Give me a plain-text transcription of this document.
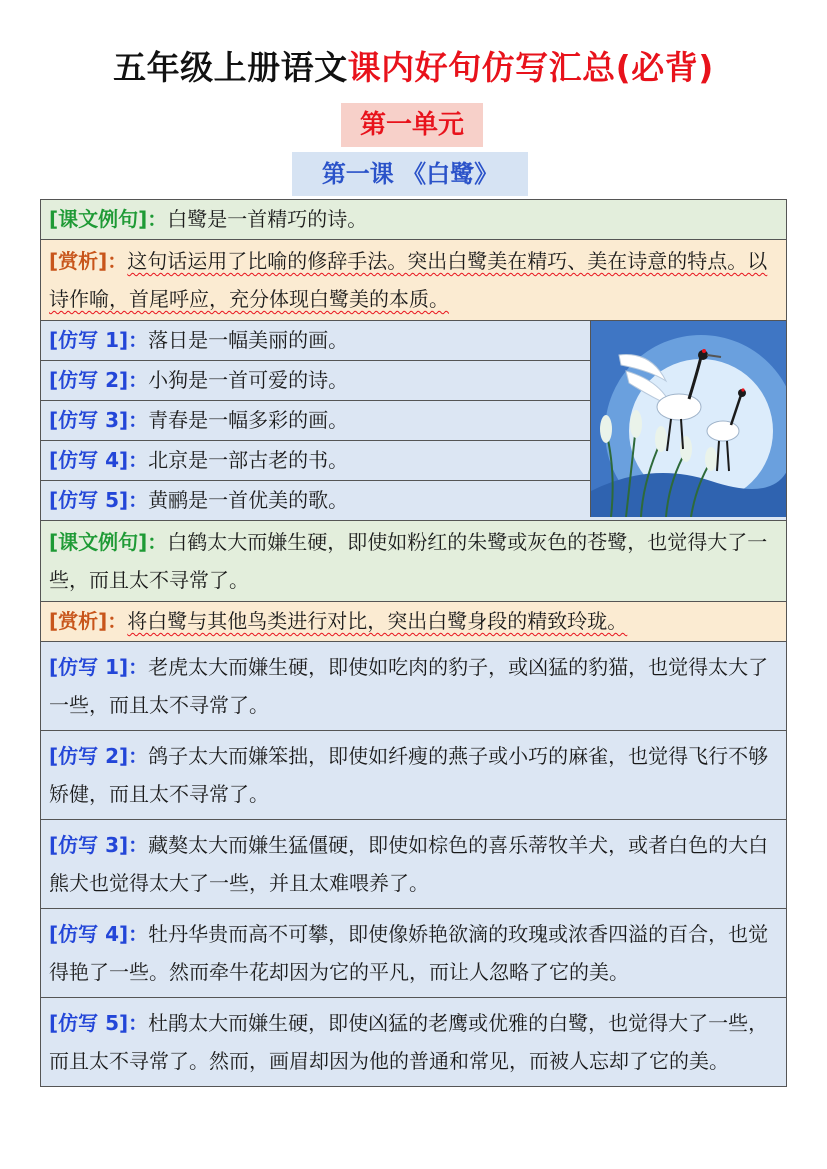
五年级上册语文课内好句仿写汇总(必背)
第一单元
第一课 《白鹭》
[课文例句]：白鹭是一首精巧的诗。
[赏析]：这句话运用了比喻的修辞手法。突出白鹭美在精巧、美在诗意的特点。以诗作喻，首尾呼应，充分体现白鹭美的本质。
[仿写 1]：落日是一幅美丽的画。
[仿写 2]：小狗是一首可爱的诗。
[仿写 3]：青春是一幅多彩的画。
[仿写 4]：北京是一部古老的书。
[仿写 5]：黄鹂是一首优美的歌。
[课文例句]：白鹤太大而嫌生硬，即使如粉红的朱鹭或灰色的苍鹭，也觉得大了一些，而且太不寻常了。
[赏析]：将白鹭与其他鸟类进行对比，突出白鹭身段的精致玲珑。
[仿写 1]：老虎太大而嫌生硬，即使如吃肉的豹子，或凶猛的豹猫，也觉得太大了一些，而且太不寻常了。
[仿写 2]：鸽子太大而嫌笨拙，即使如纤瘦的燕子或小巧的麻雀，也觉得飞行不够矫健，而且太不寻常了。
[仿写 3]：藏獒太大而嫌生猛僵硬，即使如棕色的喜乐蒂牧羊犬，或者白色的大白熊犬也觉得太大了一些，并且太难喂养了。
[仿写 4]：牡丹华贵而高不可攀，即使像娇艳欲滴的玫瑰或浓香四溢的百合，也觉得艳了一些。然而牵牛花却因为它的平凡，而让人忽略了它的美。
[仿写 5]：杜鹃太大而嫌生硬，即使凶猛的老鹰或优雅的白鹭，也觉得大了一些，而且太不寻常了。然而，画眉却因为他的普通和常见，而被人忘却了它的美。
